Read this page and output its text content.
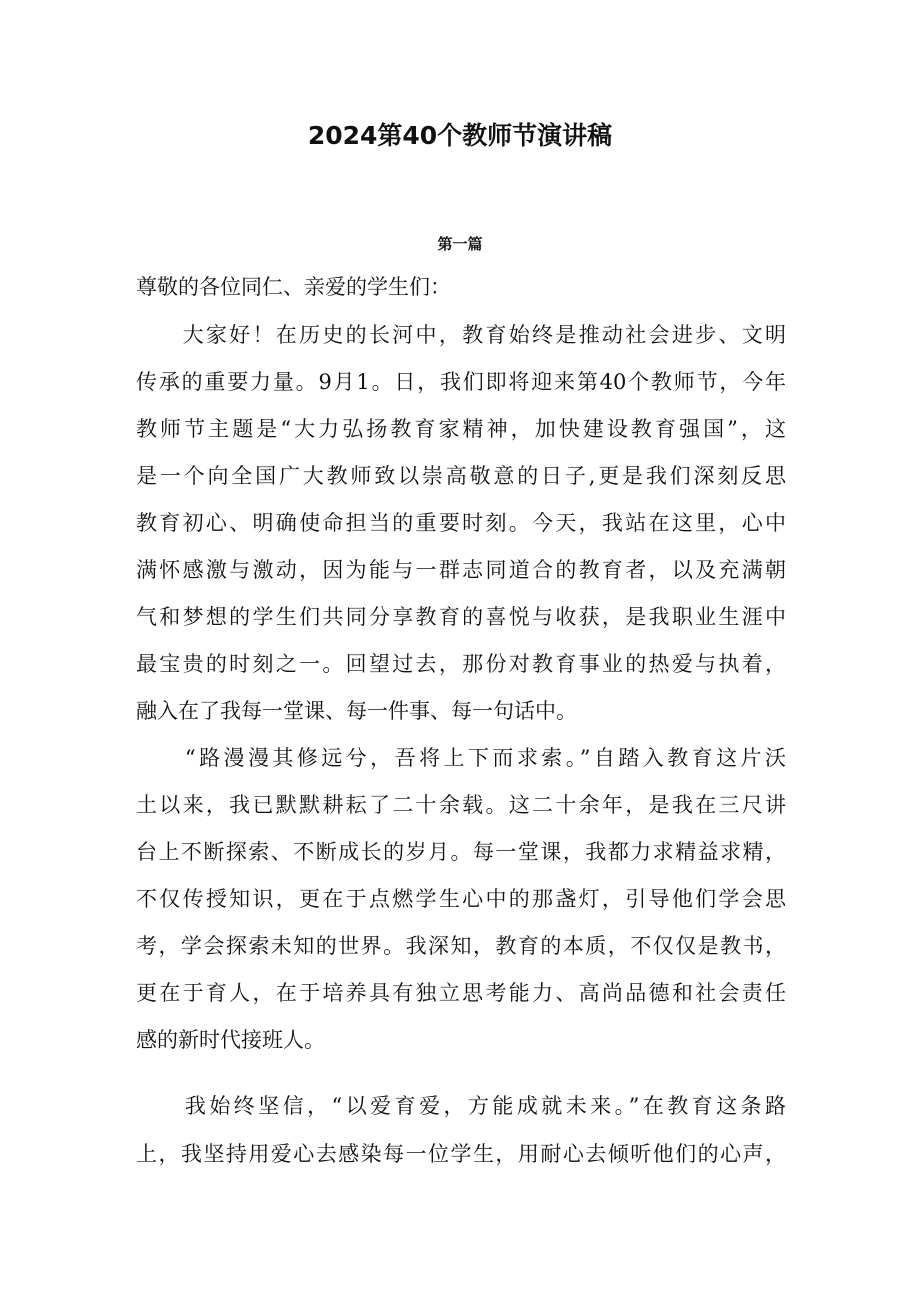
2024第40个教师节演讲稿
第一篇
尊敬的各位同仁、亲爱的学生们：
　　大家好！在历史的长河中，教育始终是推动社会进步、文明
传承的重要力量。9月1。日，我们即将迎来第40个教师节，今年
教师节主题是“大力弘扬教育家精神，加快建设教育强国”，这
是一个向全国广大教师致以崇高敬意的日子,更是我们深刻反思
教育初心、明确使命担当的重要时刻。今天，我站在这里，心中
满怀感激与激动，因为能与一群志同道合的教育者，以及充满朝
气和梦想的学生们共同分享教育的喜悦与收获，是我职业生涯中
最宝贵的时刻之一。回望过去，那份对教育事业的热爱与执着，
融入在了我每一堂课、每一件事、每一句话中。
　　“路漫漫其修远兮，吾将上下而求索。”自踏入教育这片沃
土以来，我已默默耕耘了二十余载。这二十余年，是我在三尺讲
台上不断探索、不断成长的岁月。每一堂课，我都力求精益求精，
不仅传授知识，更在于点燃学生心中的那盏灯，引导他们学会思
考，学会探索未知的世界。我深知，教育的本质，不仅仅是教书，
更在于育人，在于培养具有独立思考能力、高尚品德和社会责任
感的新时代接班人。
　　我始终坚信，“以爱育爱，方能成就未来。”在教育这条路
上，我坚持用爱心去感染每一位学生，用耐心去倾听他们的心声，
